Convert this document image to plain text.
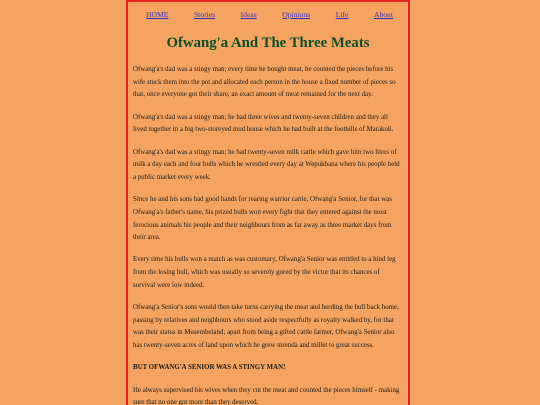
HOME	Stories	Ideas	Opinions	Life	About
Ofwang'a And The Three Meats

Ofwang'a's dad was a stingy man; every time he bought meat, he counted the pieces before his wife stuck them into the pot and allocated each person in the house a fixed number of pieces so that, once everyone got their share, an exact amount of meat remained for the next day.

Ofwang'a's dad was a stingy man; he had three wives and twenty-seven children and they all lived together in a big two-storeyed mud house which he had built at the foothills of Marakoli.

Ofwang'a's dad was a stingy man; he had twenty-seven milk cattle which gave him two litres of milk a day each and four bulls which he wrestled every day at Wepukhana where his people held a public market every week.

Since he and his sons had good hands for rearing warrior cattle, Ofwang'a Senior, for that was Ofwang'a's father's name, his prized bulls won every fight that they entered against the most ferocious animals his people and their neighbours from as far away as three market days from their area.

Every time his bulls won a match as was customary, Ofwang'a Senior was entitled to a hind leg from the losing bull, which was usually so severely gored by the victor that its chances of survival were low indeed.

Ofwang'a Senior's sons would then take turns carrying the meat and herding the bull back home, passing by relatives and neighbours who stood aside respectfully as royalty walked by, for that was their status in Musembeland; apart from being a gifted cattle farmer, Ofwang'a Senior also has twenty-seven acres of land upon which he grew mrenda and millet to great success.

BUT OFWANG'A SENIOR WAS A STINGY MAN!

He always supervised his wives when they cut the meat and counted the pieces himself - making sure that no one got more than they deserved.
